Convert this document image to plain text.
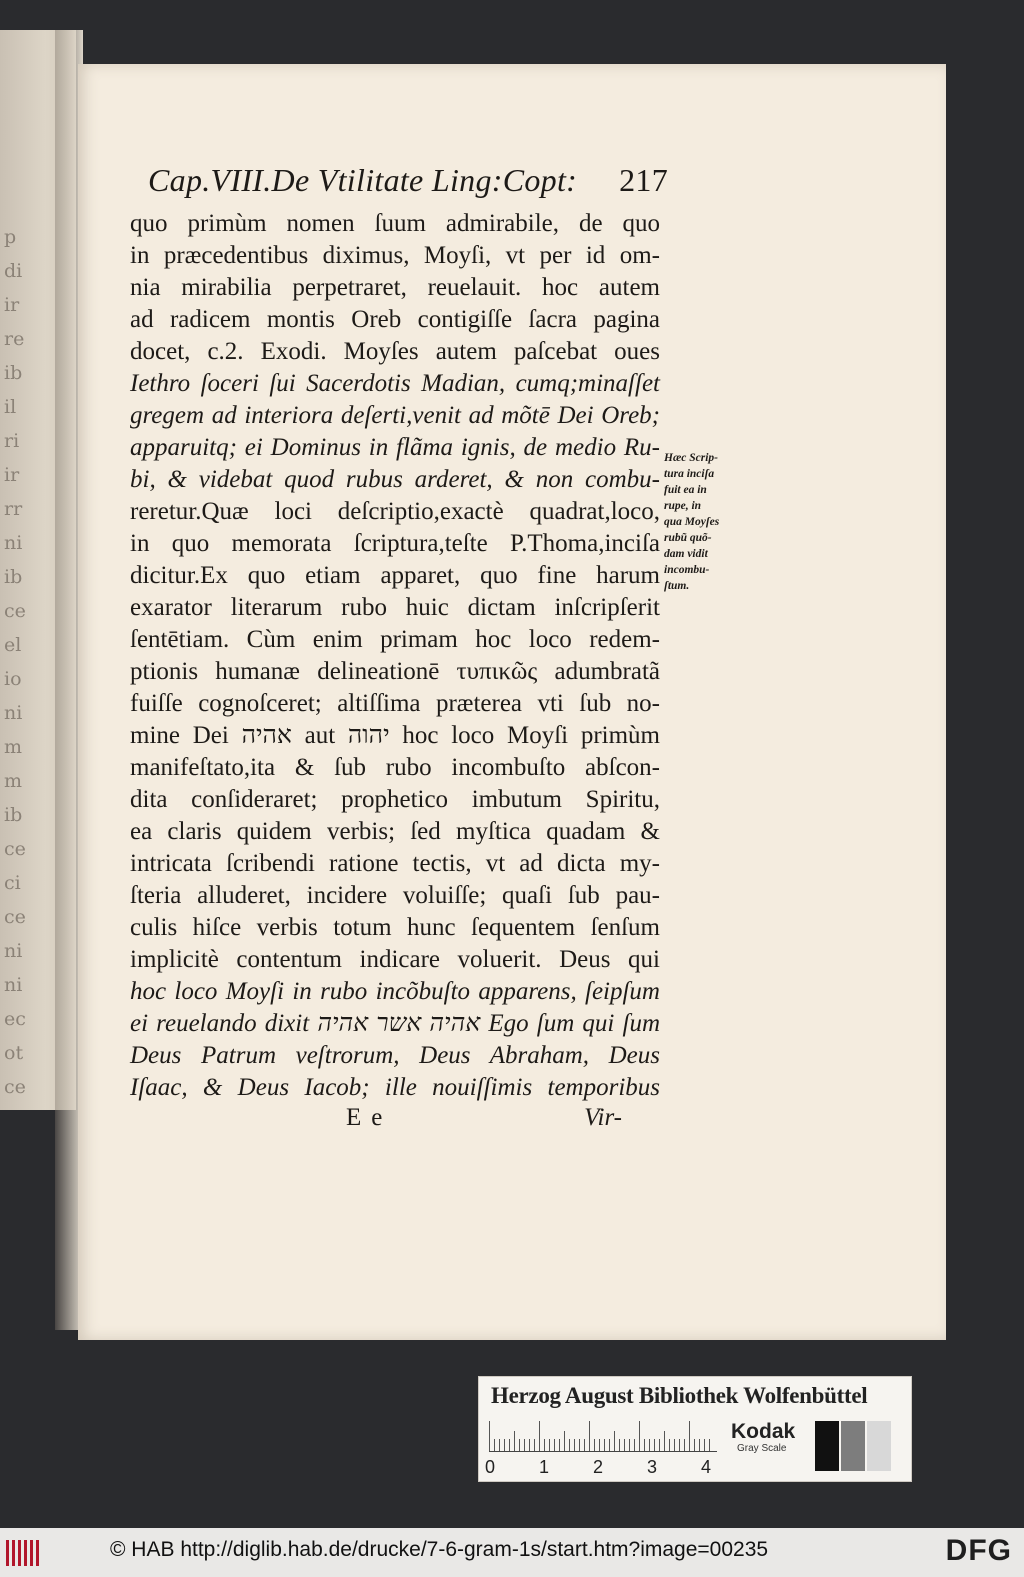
p
di
ir
re
ib
il
ri
ir
rr
ni
ib
ce
el
io
ni
m
m
ib
ce
ci
ce
ni
ni
ec
ot
ce
Cap.VIII.De Vtilitate Ling:Copt: 217
quo primùm nomen ſuum admirabile, de quo
in præcedentibus diximus, Moyſi, vt per id om-
nia mirabilia perpetraret, reuelauit. hoc autem
ad radicem montis Oreb contigiſſe ſacra pagina
docet, c.2. Exodi. Moyſes autem paſcebat oues
Iethro ſoceri ſui Sacerdotis Madian, cumq;minaſſet
gregem ad interiora deſerti,venit ad mõtē Dei Oreb;
apparuitq; ei Dominus in flãma ignis, de medio Ru-
bi, & videbat quod rubus arderet, & non combu-
reretur.Quæ loci deſcriptio,exactè quadrat,loco,
in quo memorata ſcriptura,teſte P.Thoma,inciſa
dicitur.Ex quo etiam apparet, quo fine harum
exarator literarum rubo huic dictam inſcripſerit
ſentētiam. Cùm enim primam hoc loco redem-
ptionis humanæ delineationē τυπικῶς adumbratã
fuiſſe cognoſceret; altiſſima præterea vti ſub no-
mine Dei אהיה aut יהוה hoc loco Moyſi primùm
manifeſtato,ita & ſub rubo incombuſto abſcon-
dita conſideraret; prophetico imbutum Spiritu,
ea claris quidem verbis; ſed myſtica quadam &
intricata ſcribendi ratione tectis, vt ad dicta my-
ſteria alluderet, incidere voluiſſe; quaſi ſub pau-
culis hiſce verbis totum hunc ſequentem ſenſum
implicitè contentum indicare voluerit. Deus qui
hoc loco Moyſi in rubo incõbuſto apparens, ſeipſum
ei reuelando dixit אהיה אשר אהיה Ego ſum qui ſum
Deus Patrum veſtrorum, Deus Abraham, Deus
Iſaac, & Deus Iacob; ille nouiſſimis temporibus
Hæc Scrip-
tura inciſa
fuit ea in
rupe, in
qua Moyſes
rubũ quõ-
dam vidit
incombu-
ſtum.
Ee	Vir-
Herzog August Bibliothek Wolfenbüttel
0 1 2 3 4
Kodak
Gray Scale
© HAB http://diglib.hab.de/drucke/7-6-gram-1s/start.htm?image=00235	DFG
